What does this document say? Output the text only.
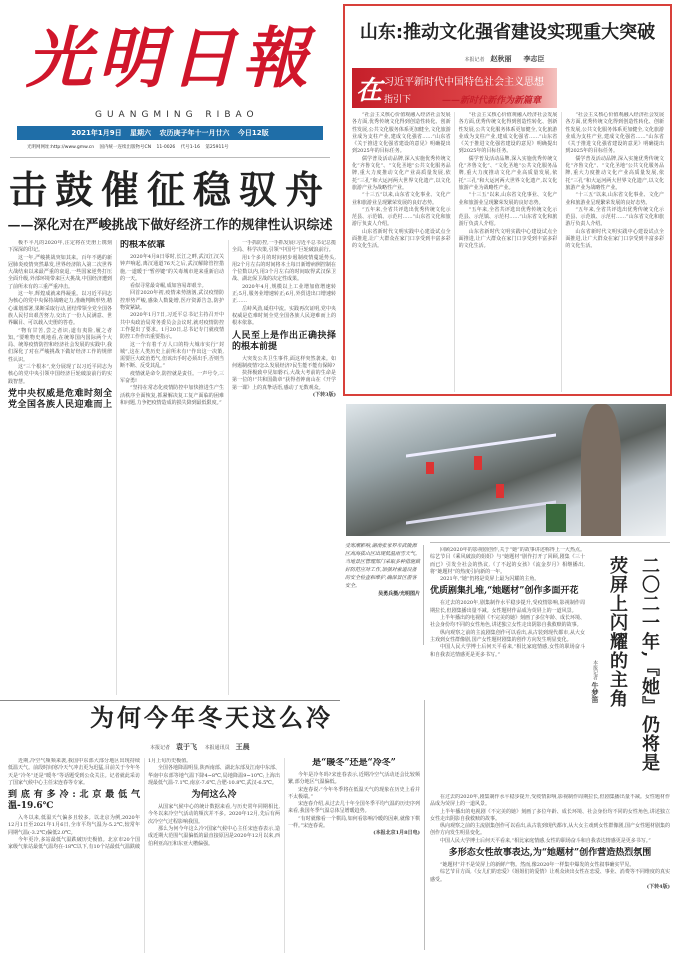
光明日報
GUANGMING RIBAO
2021年1月9日 星期六 农历庚子年十一月廿六 今日12版
光明网网址:http://www.gmw.cn 国内统一连续出版物号CN 11-0026 代号1-16 第25911号
击鼓催征稳驭舟
——深化对在严峻挑战下做好经济工作的规律性认识综述

极不平凡的2020年,注定将在史册上镌刻下深深的印记。

这一年,严峻挑战突如其来。百年不遇的新冠肺炎疫情突然暴发,世界经济陷入第二次世界大战结束以来最严重的衰退,一些国家逆势打压全面升级,外部环境带来巨大挑战,中国经济遭到了前所未有的三重严重冲击。

这一年,辉煌成就来得凝重。以习近平同志为核心的党中央保持战略定力,准确判断形势,精心谋划部署,果断采取行动,团结带领全党全国各族人民付出艰苦努力,交出了一份人民满意、世界瞩目、可以载入史册的答卷。

“物有甘苦,尝之者识;道有夷险,履之者知。”要唯物史观地看,在统筹国内国际两个大局、统筹疫情防控和经济社会发展的实践中,我们深化了对在严峻挑战下做好经济工作的规律性认识。

这“三个根本”,充分展现了以习近平同志为核心的党中央引领中国经济巨轮破浪前行的实践智慧。

党中央权威是危难时刻全党全国各族人民迎难而上的根本依靠

2020年4月8日零时,长江之畔,武汉江汉关钟声响起,离汉通道76天之后,武汉解除管控措施,一道暖于“暂停键”的关毒城市迎来重新启动的一天。

看似寻常最奇崛,成如容易却艰辛。

回首2020年初,疫情来势汹汹,武汉疫情防控形势严峻,感染人数陡增,医疗资源告急,防护物资紧缺。

2020年1月7日,习近平总书记主持召开中共中央政治局常务委员会会议时,就对疫情防控工作提出了要求。1月20日,总书记专门就疫情防控工作作出重要指示。

这一个有着千万人口的特大城市实行“封城”,这在人类历史上前所未有!“作出这一决策,需要巨大政治勇气,但该出手时必须出手,否则当断不断、反受其乱。”

疫情就是命令,防控就是责任。一声号令,三军奋勇!

“坚持在常态化疫情防控中加快推进生产生活秩序全面恢复,抓紧解决复工复产面临的困难和问题,力争把疫情造成的损失降到最低限度。”

一手抓防控,一手抓发展!习近平总书记总揽全局、科学决策,引领“中国号”巨轮破浪前行。

用1个多月的时间初步遏制疫情蔓延势头,用2个月左右的时间将本土每日新增病例控制在个位数以内,用3个月左右的时间取得武汉保卫战、湖北保卫战的决定性成果。

2020年4月,规模以上工业增加值增速转正;5月,服务业增速转正;6月,外贸进出口增速转正……

岳峙风劲,砥柱中流。实践再次证明,党中央权威是危难时刻全党全国各族人民迎难而上的根本依靠。

人民至上是作出正确抉择的根本前提

大突发公共卫生事件,面这样突然袭来。如何遏制疫情?怎么发展经济?民生能不能有保障?

抉择极致中见如磐石,大战大考前的生命是第一位的!“共和国勋章”获得者钟南山在《开学第一课》上的真挚话语,感动了无数观众。

(下转3版)

山东:推动文化强省建设实现重大突破
本报记者 赵秋丽 李志臣
在 习近平新时代中国特色社会主义思想
指引下	——新时代新作为新篇章

“社会主义核心价值观融入经济社会发展各方面,优秀传统文化得到创造性转化、创新性发展,公共文化服务体系更加健全,文化旅游业成为支柱产业,建成文化强省……”山东省《关于推进文化强省建设的意见》明确提出到2025年的目标任务。

儒学普及活动品牌,深入实施优秀传统文化“齐鲁文化”、“文化圣地”公共文化服务品牌,重大力度推动文化产业高质量发展,依托“三孔”和大运河两大世界文化遗产,以文化旅游产业为战略性产业。

“十三五”以来,山东省文化事业、文化产业和旅游业呈现繁荣发展的良好态势。

“五年来,全省共评选出优秀传统文化示范县、示范镇、示范村……”山东省文化和旅游厅负责人介绍。

山东省新时代文明实践中心建设试点全面推进,让广大群众在家门口享受到丰富多彩的文化生活。

“社会主义核心价值观融入经济社会发展各方面,优秀传统文化得到创造性转化、创新性发展,公共文化服务体系更加健全,文化旅游业成为支柱产业,建成文化强省……”山东省《关于推进文化强省建设的意见》明确提出到2025年的目标任务。

儒学普及活动品牌,深入实施优秀传统文化“齐鲁文化”、“文化圣地”公共文化服务品牌,重大力度推动文化产业高质量发展,依托“三孔”和大运河两大世界文化遗产,以文化旅游产业为战略性产业。

“十三五”以来,山东省文化事业、文化产业和旅游业呈现繁荣发展的良好态势。

“五年来,全省共评选出优秀传统文化示范县、示范镇、示范村……”山东省文化和旅游厅负责人介绍。

山东省新时代文明实践中心建设试点全面推进,让广大群众在家门口享受到丰富多彩的文化生活。

“社会主义核心价值观融入经济社会发展各方面,优秀传统文化得到创造性转化、创新性发展,公共文化服务体系更加健全,文化旅游业成为支柱产业,建成文化强省……”山东省《关于推进文化强省建设的意见》明确提出到2025年的目标任务。

儒学普及活动品牌,深入实施优秀传统文化“齐鲁文化”、“文化圣地”公共文化服务品牌,重大力度推动文化产业高质量发展,依托“三孔”和大运河两大世界文化遗产,以文化旅游产业为战略性产业。

“十三五”以来,山东省文化事业、文化产业和旅游业呈现繁荣发展的良好态势。

“五年来,全省共评选出优秀传统文化示范县、示范镇、示范村……”山东省文化和旅游厅负责人介绍。

山东省新时代文明实践中心建设试点全面推进,让广大群众在家门口享受到丰富多彩的文化生活。

受寒潮影响,湖南张家界市武陵源区高海拔山区出现低温雨雪天气。当地景区管理部门采取多种措施做好防范应对工作,加强对索道设备的安全检查和维护,确保景区游客安全。
吴勇兵摄/光明图片	二〇二一年,『她』仍将是
荧屏上闪耀的主角
本报记者 牛梦笛

回顾2020年的影视剧创作,关于“她”的故事讲述称得上一大热点。综艺节目《乘风破浪的姐姐》与“她题材”剧作打开了回顾,剧集《三十而已》引发全社会的热议,《了不起的女孩》《流金岁月》相继播出,将“她题材”的热度引向新的一年。

2021年,“她”仍将是荧屏上最为闪耀的主角。

优质剧集扎堆,“她题材”创作多面开花

在过去的2020年,剧集制作水平稳步提升,受疫情影响,影视制作周期拉长,但剧集播出量不减。女性题材作品成为荧屏上的一道风景。

上半年播出的电视剧《不完美的她》刻画了多位年龄、成长环境、社会身份均不同的女性角色,讲述独立女性走出阴影自我救赎的故事。

纵向观察之前的主流剧集创作可以看出,从古装到现代都市,从大女主戏到女性群像剧,国产女性题材剧集的创作方向发生明显变化。

中国人民大学博士后何天平看来,“相比家庭情感,女性的职场奋斗和自我表达情感更是更多书写。”

在过去的2020年,剧集制作水平稳步提升,受疫情影响,影视制作周期拉长,但剧集播出量不减。女性题材作品成为荧屏上的一道风景。

上半年播出的电视剧《不完美的她》刻画了多位年龄、成长环境、社会身份均不同的女性角色,讲述独立女性走出阴影自我救赎的故事。

纵向观察之前的主流剧集创作可以看出,从古装到现代都市,从大女主戏到女性群像剧,国产女性题材剧集的创作方向发生明显变化。

中国人民大学博士后何天平看来,“相比家庭情感,女性的职场奋斗和自我表达情感更是更多书写。”

多形态女性故事表达,为“她题材”创作营造热烈氛围

“她题材”并不是荧屏上的新鲜产物。然而,像2020年一样集中爆发的女性叙事确实罕见。

综艺节目方面,《女儿们的恋爱》《姐姐们的爱情》让观众读出女性在恋爱、事业、消费等不同维度的真实感受。

(下转4版)

为何今年冬天这么冷
本报记者 袁于飞 本报通讯员 王晨

近期,冷空气频频来袭,我国中东部大部分地区出现持续低温天气。前段时间寒冷天气冲击更为迅猛,目前关于今年冬天是“冷冬”还是“暖冬”等话题受到公众关注。记者就此采访了国家气候中心主任宋连春等专家。

到底有多冷:北京最低气温-19.6℃

入冬以来,低温天气偏多且较多。以北京为例,2020年12月1日至2021年1月6日,全市平均气温为-5.2℃,较常年同期气温(-3.2℃)偏低2.0℃。

今年更冷,多站最低气温跌破历史极值。北京市20个国家级气象站最低气温均在-18℃以下,有10个站最低气温跌破1月上旬历史极值。

全国各地降温明显,陕西南部、湖北东部及江南中东部、华南中东部等地气温下降4~8℃,局地降温9~10℃;上海出现最低气温-7.1℃,南京-7.6℃,合肥-10.8℃,武汉-6.5℃。

为何这么冷

从国家气候中心的统计数据来看,与历史常年同期相比,今冬以来冷空气活动的频次并不多。2020年12月,先后有两次冷空气过程影响我国。

那么为何今年这么冷?国家气候中心主任宋连春表示,造成近期大范围气温偏低的最直接原因是2020年12月以来,西伯利亚高压和东亚大槽偏强。

是“暖冬”还是“冷冬”

今年是冷冬吗?宋连春表示,近期冷空气活动还会比较频繁,部分地区气温偏低。

宋连春说:“今年冬季将在低温天气的现象在历史上看并不太极端。”

宋连春介绍,从过去几十年全国冬季平均气温的历史序列来看,我国冬季气温总体呈增暖趋势。

“有时就像看一个棋局,如何看影响冷暖的因素,就像下棋一样。”宋连春说。

(本报北京1月8日电)
